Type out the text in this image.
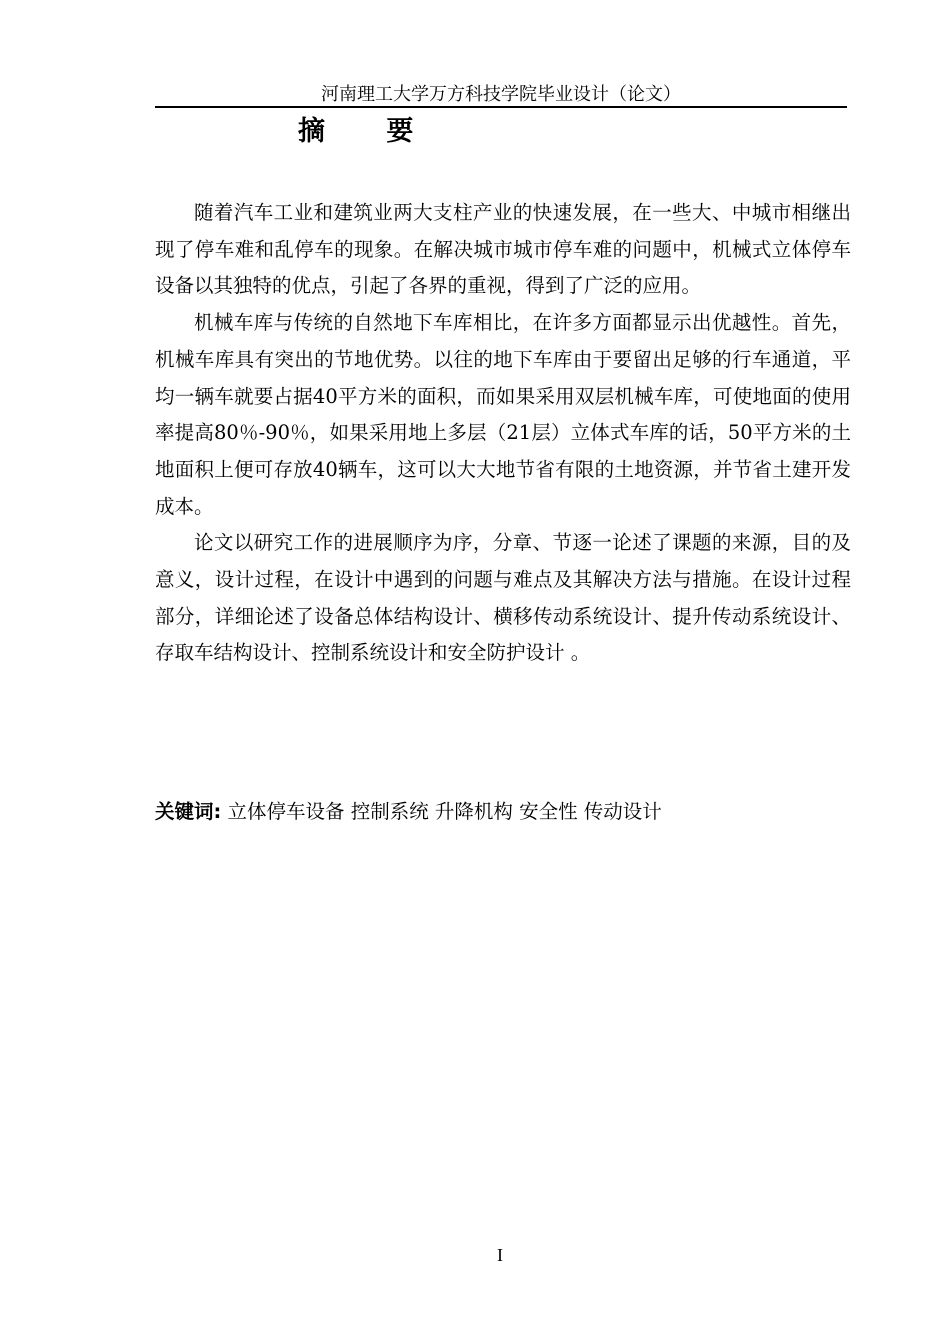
河南理工大学万方科技学院毕业设计（论文）
摘 要

随着汽车工业和建筑业两大支柱产业的快速发展，在一些大、中城市相继出现了停车难和乱停车的现象。在解决城市城市停车难的问题中，机械式立体停车设备以其独特的优点，引起了各界的重视，得到了广泛的应用。

机械车库与传统的自然地下车库相比，在许多方面都显示出优越性。首先，机械车库具有突出的节地优势。以往的地下车库由于要留出足够的行车通道，平均一辆车就要占据40平方米的面积，而如果采用双层机械车库，可使地面的使用率提高80％-90％，如果采用地上多层（21层）立体式车库的话，50平方米的土地面积上便可存放40辆车，这可以大大地节省有限的土地资源，并节省土建开发成本。

论文以研究工作的进展顺序为序，分章、节逐一论述了课题的来源，目的及意义，设计过程，在设计中遇到的问题与难点及其解决方法与措施。在设计过程部分，详细论述了设备总体结构设计、横移传动系统设计、提升传动系统设计、存取车结构设计、控制系统设计和安全防护设计 。

关键词: 立体停车设备 控制系统 升降机构 安全性 传动设计
I
